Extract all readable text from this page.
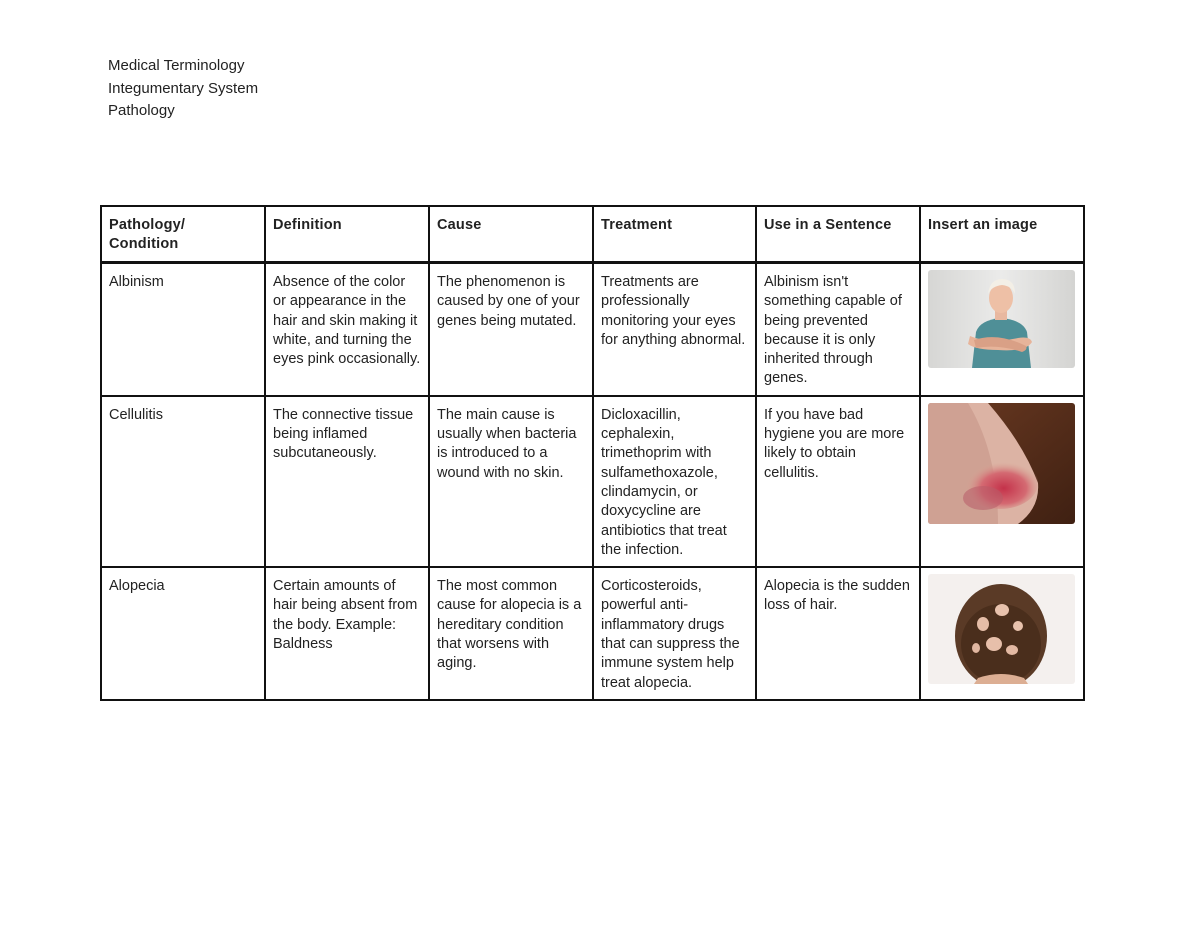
Medical Terminology
Integumentary System
Pathology
Pathology/ Condition	Definition	Cause	Treatment	Use in a Sentence	Insert an image
Albinism	Absence of the color or appearance in the hair and skin making it white, and turning the eyes pink occasionally.	The phenomenon is caused by one of your genes being mutated.	Treatments are professionally monitoring your eyes for anything abnormal.	Albinism isn't something capable of being prevented because it is only inherited through genes.	

Cellulitis	The connective tissue being inflamed subcutaneously.	The main cause is usually when bacteria is introduced to a wound with no skin.	Dicloxacillin, cephalexin, trimethoprim with sulfamethoxazole, clindamycin, or doxycycline are antibiotics that treat the infection.	If you have bad hygiene you are more likely to obtain cellulitis.	

Alopecia	Certain amounts of hair being absent from the body. Example: Baldness	The most common cause for alopecia is a hereditary condition that worsens with aging.	Corticosteroids, powerful anti-inflammatory drugs that can suppress the immune system help treat alopecia.	Alopecia is the sudden loss of hair.	
